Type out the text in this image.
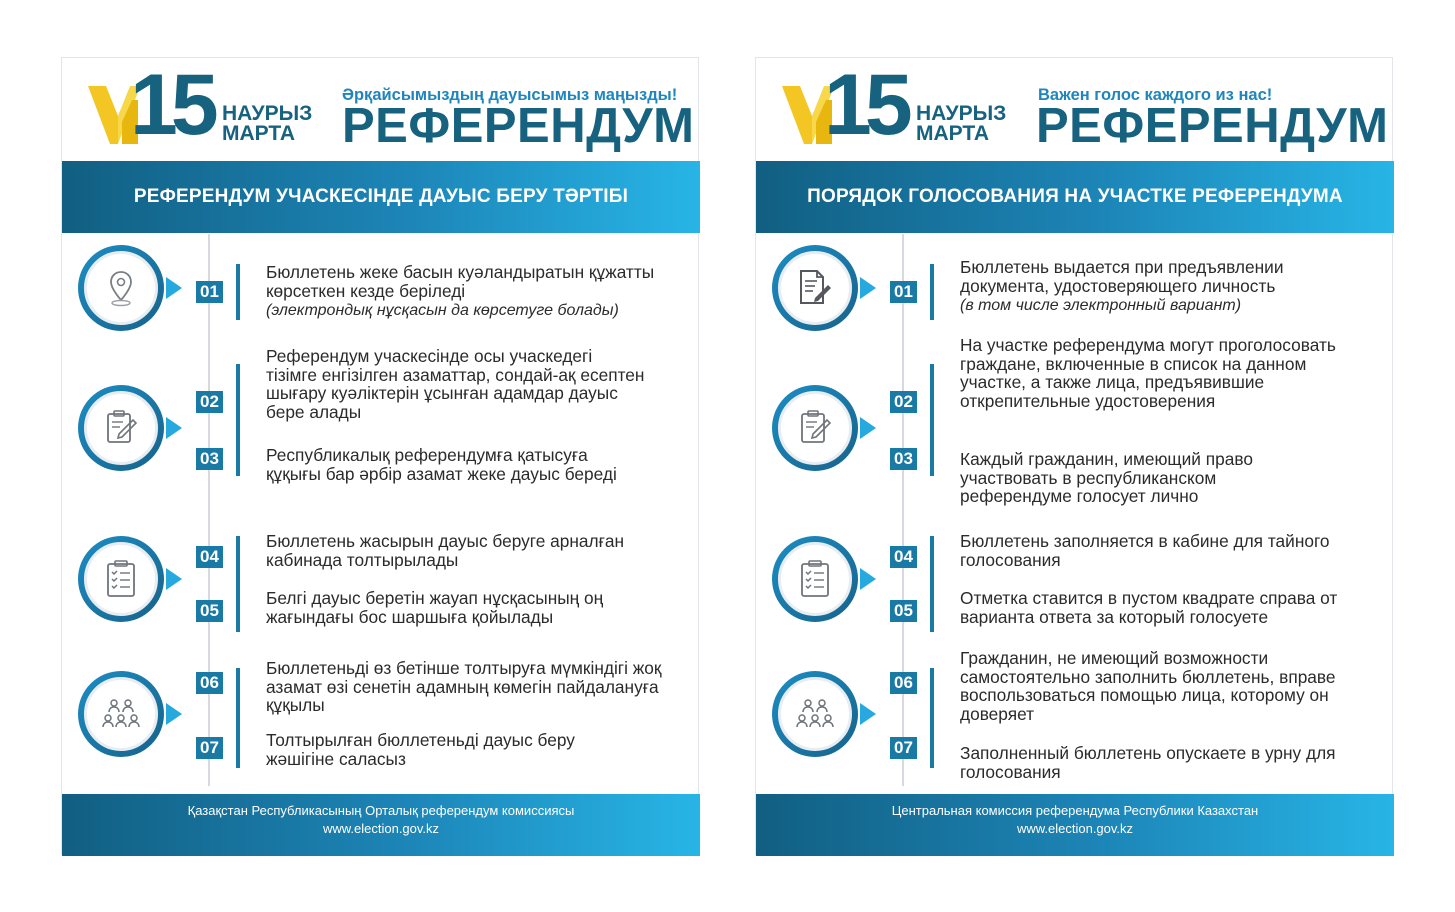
15 НАУРЫЗ
МАРТА
Әрқайсымыздың дауысымыз маңызды!
РЕФЕРЕНДУМ
РЕФЕРЕНДУМ УЧАСКЕСІНДЕ ДАУЫС БЕРУ ТӘРТІБІ
01
02
03
04
05
06
07
Бюллетень жеке басын куәландыратын құжатты көрсеткен кезде беріледі
(электрондық нұсқасын да көрсетуге болады)
Референдум учаскесінде осы учаскедегі тізімге енгізілген азаматтар, сондай-ақ есептен шығару куәліктерін ұсынған адамдар дауыс бере алады
Республикалық референдумға қатысуға құқығы бар әрбір азамат жеке дауыс береді
Бюллетень жасырын дауыс беруге арналған кабинада толтырылады
Белгі дауыс беретін жауап нұсқасының оң жағындағы бос шаршыға қойылады
Бюллетеньді өз бетінше толтыруға мүмкіндігі жоқ азамат өзі сенетін адамның көмегін пайдалануға құқылы
Толтырылған бюллетеньді дауыс беру жәшігіне саласыз
Қазақстан Республикасының Орталық референдум комиссиясы
www.election.gov.kz
15 НАУРЫЗ
МАРТА
Важен голос каждого из нас!
РЕФЕРЕНДУМ
ПОРЯДОК ГОЛОСОВАНИЯ НА УЧАСТКЕ РЕФЕРЕНДУМА
01
02
03
04
05
06
07
Бюллетень выдается при предъявлении документа, удостоверяющего личность
(в том числе электронный вариант)
На участке референдума могут проголосовать граждане, включенные в список на данном участке, а также лица, предъявившие открепительные удостоверения
Каждый гражданин, имеющий право участвовать в республиканском референдуме голосует лично
Бюллетень заполняется в кабине для тайного голосования
Отметка ставится в пустом квадрате справа от варианта ответа за который голосуете
Гражданин, не имеющий возможности самостоятельно заполнить бюллетень, вправе воспользоваться помощью лица, которому он доверяет
Заполненный бюллетень опускаете в урну для голосования
Центральная комиссия референдума Республики Казахстан
www.election.gov.kz
